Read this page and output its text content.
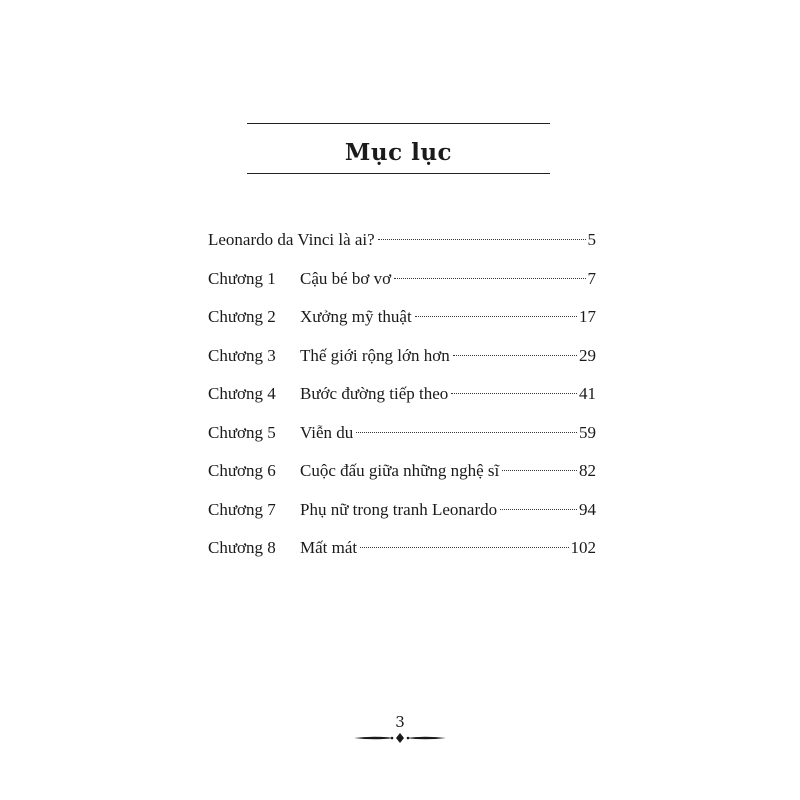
Mục lục
Leonardo da Vinci là ai?	5
Chương 1	Cậu bé bơ vơ	7
Chương 2	Xưởng mỹ thuật	17
Chương 3	Thế giới rộng lớn hơn	29
Chương 4	Bước đường tiếp theo	41
Chương 5	Viễn du	59
Chương 6	Cuộc đấu giữa những nghệ sĩ	82
Chương 7	Phụ nữ trong tranh Leonardo	94
Chương 8	Mất mát	102
3
